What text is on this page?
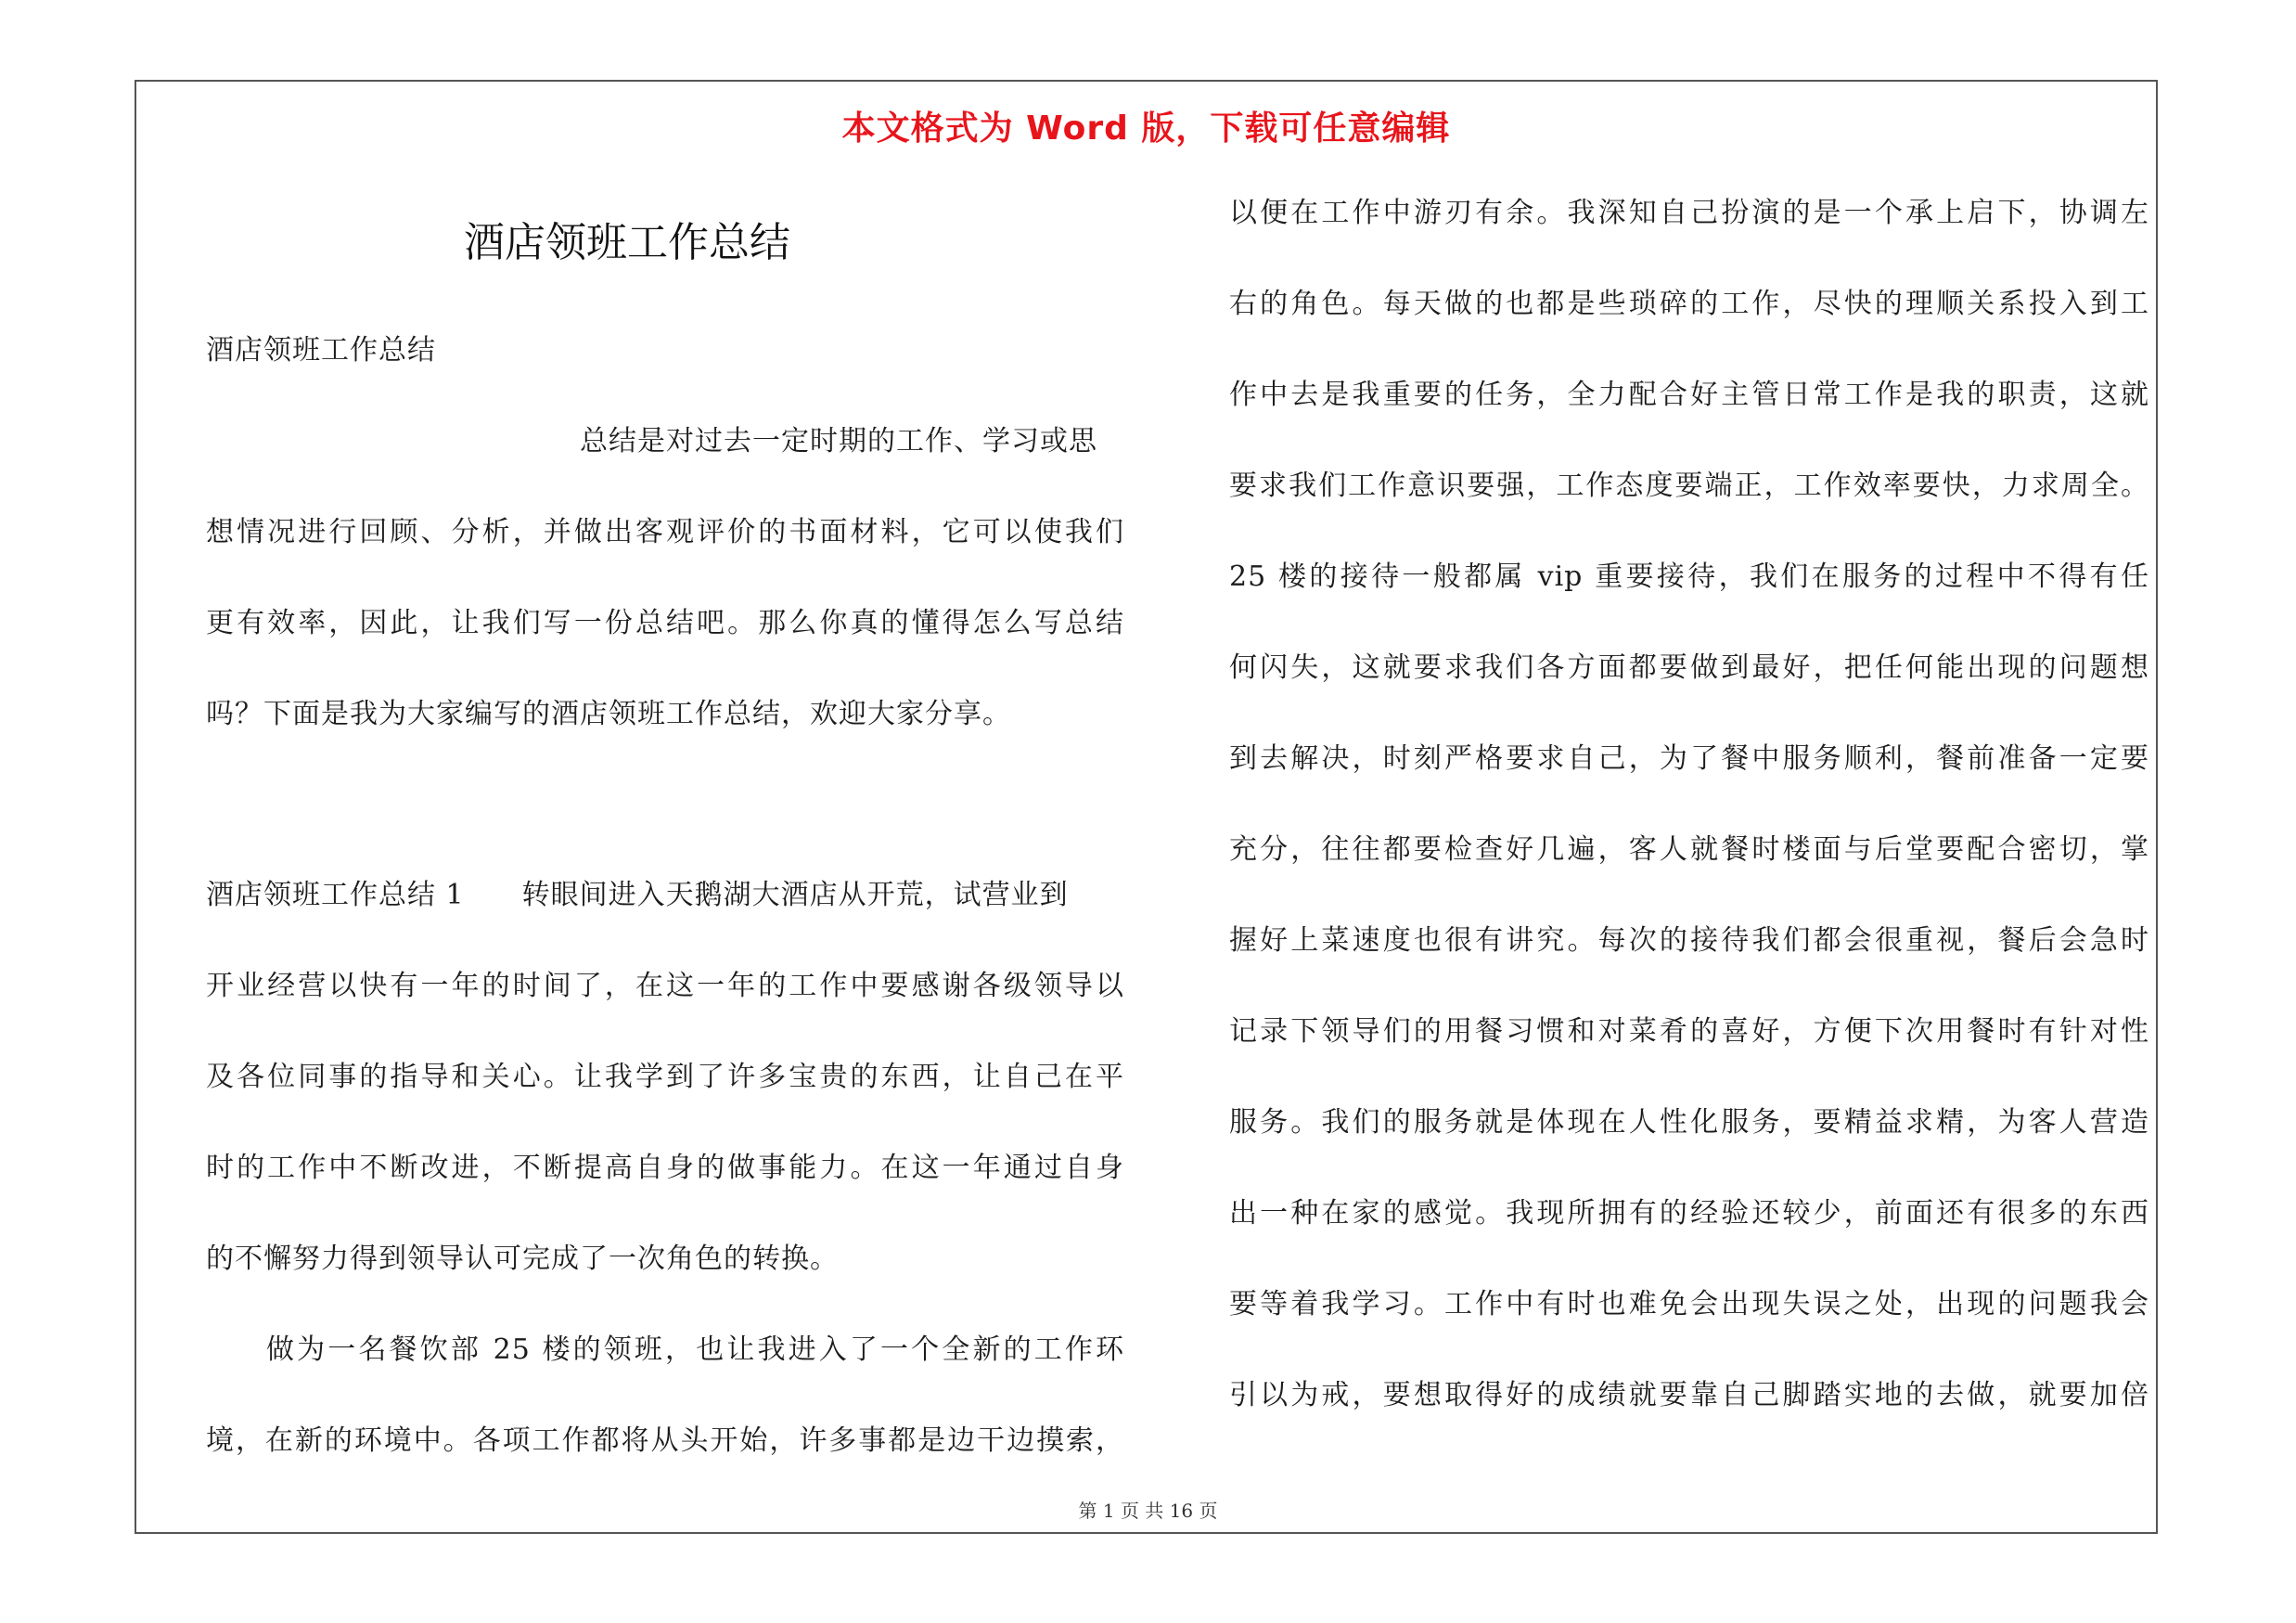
本文格式为 Word 版，下载可任意编辑
酒店领班工作总结
酒店领班工作总结
总结是对过去一定时期的工作、学习或思
想情况进行回顾、分析，并做出客观评价的书面材料，它可以使我们
更有效率，因此，让我们写一份总结吧。那么你真的懂得怎么写总结
吗？下面是我为大家编写的酒店领班工作总结，欢迎大家分享。
酒店领班工作总结 1　　转眼间进入天鹅湖大酒店从开荒，试营业到
开业经营以快有一年的时间了，在这一年的工作中要感谢各级领导以
及各位同事的指导和关心。让我学到了许多宝贵的东西，让自己在平
时的工作中不断改进，不断提高自身的做事能力。在这一年通过自身
的不懈努力得到领导认可完成了一次角色的转换。
做为一名餐饮部 25 楼的领班，也让我进入了一个全新的工作环
境，在新的环境中。各项工作都将从头开始，许多事都是边干边摸索，
以便在工作中游刃有余。我深知自己扮演的是一个承上启下，协调左
右的角色。每天做的也都是些琐碎的工作，尽快的理顺关系投入到工
作中去是我重要的任务，全力配合好主管日常工作是我的职责，这就
要求我们工作意识要强，工作态度要端正，工作效率要快，力求周全。
25 楼的接待一般都属 vip 重要接待，我们在服务的过程中不得有任
何闪失，这就要求我们各方面都要做到最好，把任何能出现的问题想
到去解决，时刻严格要求自己，为了餐中服务顺利，餐前准备一定要
充分，往往都要检查好几遍，客人就餐时楼面与后堂要配合密切，掌
握好上菜速度也很有讲究。每次的接待我们都会很重视，餐后会急时
记录下领导们的用餐习惯和对菜肴的喜好，方便下次用餐时有针对性
服务。我们的服务就是体现在人性化服务，要精益求精，为客人营造
出一种在家的感觉。我现所拥有的经验还较少，前面还有很多的东西
要等着我学习。工作中有时也难免会出现失误之处，出现的问题我会
引以为戒，要想取得好的成绩就要靠自己脚踏实地的去做，就要加倍
第 1 页 共 16 页
